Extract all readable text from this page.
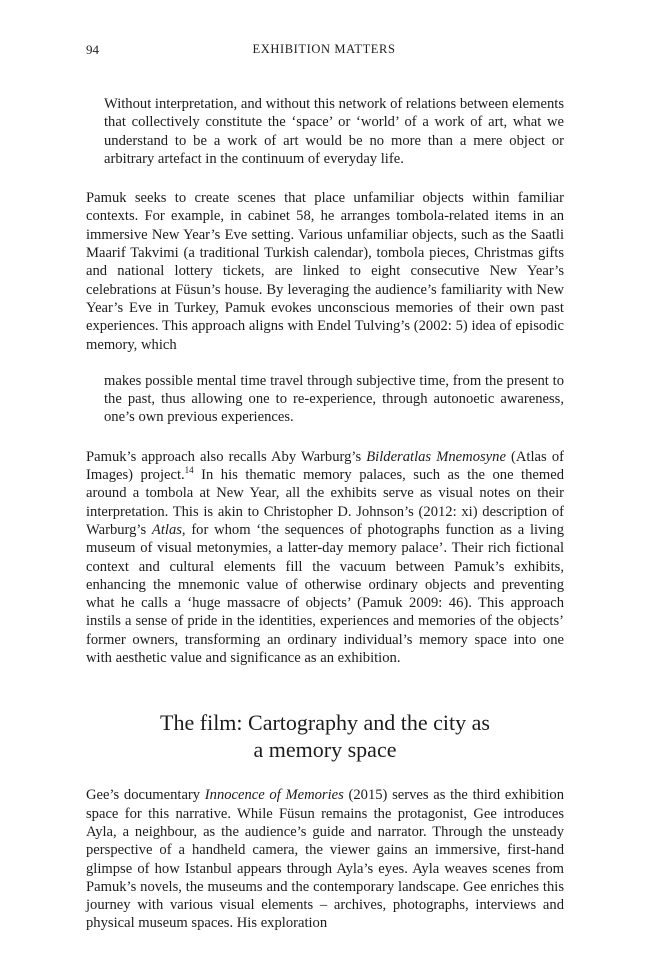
94	EXHIBITION MATTERS

Without interpretation, and without this network of relations between elements that collectively constitute the ‘space’ or ‘world’ of a work of art, what we understand to be a work of art would be no more than a mere object or arbitrary artefact in the continuum of everyday life.

Pamuk seeks to create scenes that place unfamiliar objects within familiar contexts. For example, in cabinet 58, he arranges tombola-related items in an immersive New Year’s Eve setting. Various unfamiliar objects, such as the Saatli Maarif Takvimi (a traditional Turkish calendar), tombola pieces, Christmas gifts and national lottery tickets, are linked to eight consecutive New Year’s celebrations at Füsun’s house. By leveraging the audience’s familiarity with New Year’s Eve in Turkey, Pamuk evokes unconscious memories of their own past experiences. This approach aligns with Endel Tulving’s (2002: 5) idea of episodic memory, which

makes possible mental time travel through subjective time, from the present to the past, thus allowing one to re-experience, through autonoetic awareness, one’s own previous experiences.

Pamuk’s approach also recalls Aby Warburg’s Bilderatlas Mnemosyne (Atlas of Images) project.$^{14}$ In his thematic memory palaces, such as the one themed around a tombola at New Year, all the exhibits serve as visual notes on their interpretation. This is akin to Christopher D. Johnson’s (2012: xi) description of Warburg’s Atlas, for whom ‘the sequences of photographs function as a living museum of visual metonymies, a latter-day memory palace’. Their rich fictional context and cultural elements fill the vacuum between Pamuk’s exhibits, enhancing the mnemonic value of otherwise ordinary objects and preventing what he calls a ‘huge massacre of objects’ (Pamuk 2009: 46). This approach instils a sense of pride in the identities, experiences and memories of the objects’ former owners, transforming an ordinary individual’s memory space into one with aesthetic value and significance as an exhibition.

The film: Cartography and the city as
a memory space

Gee’s documentary Innocence of Memories (2015) serves as the third exhibition space for this narrative. While Füsun remains the protagonist, Gee introduces Ayla, a neighbour, as the audience’s guide and narrator. Through the unsteady perspective of a handheld camera, the viewer gains an immersive, first-hand glimpse of how Istanbul appears through Ayla’s eyes. Ayla weaves scenes from Pamuk’s novels, the museums and the contemporary landscape. Gee enriches this journey with various visual elements – archives, photographs, interviews and physical museum spaces. His exploration
